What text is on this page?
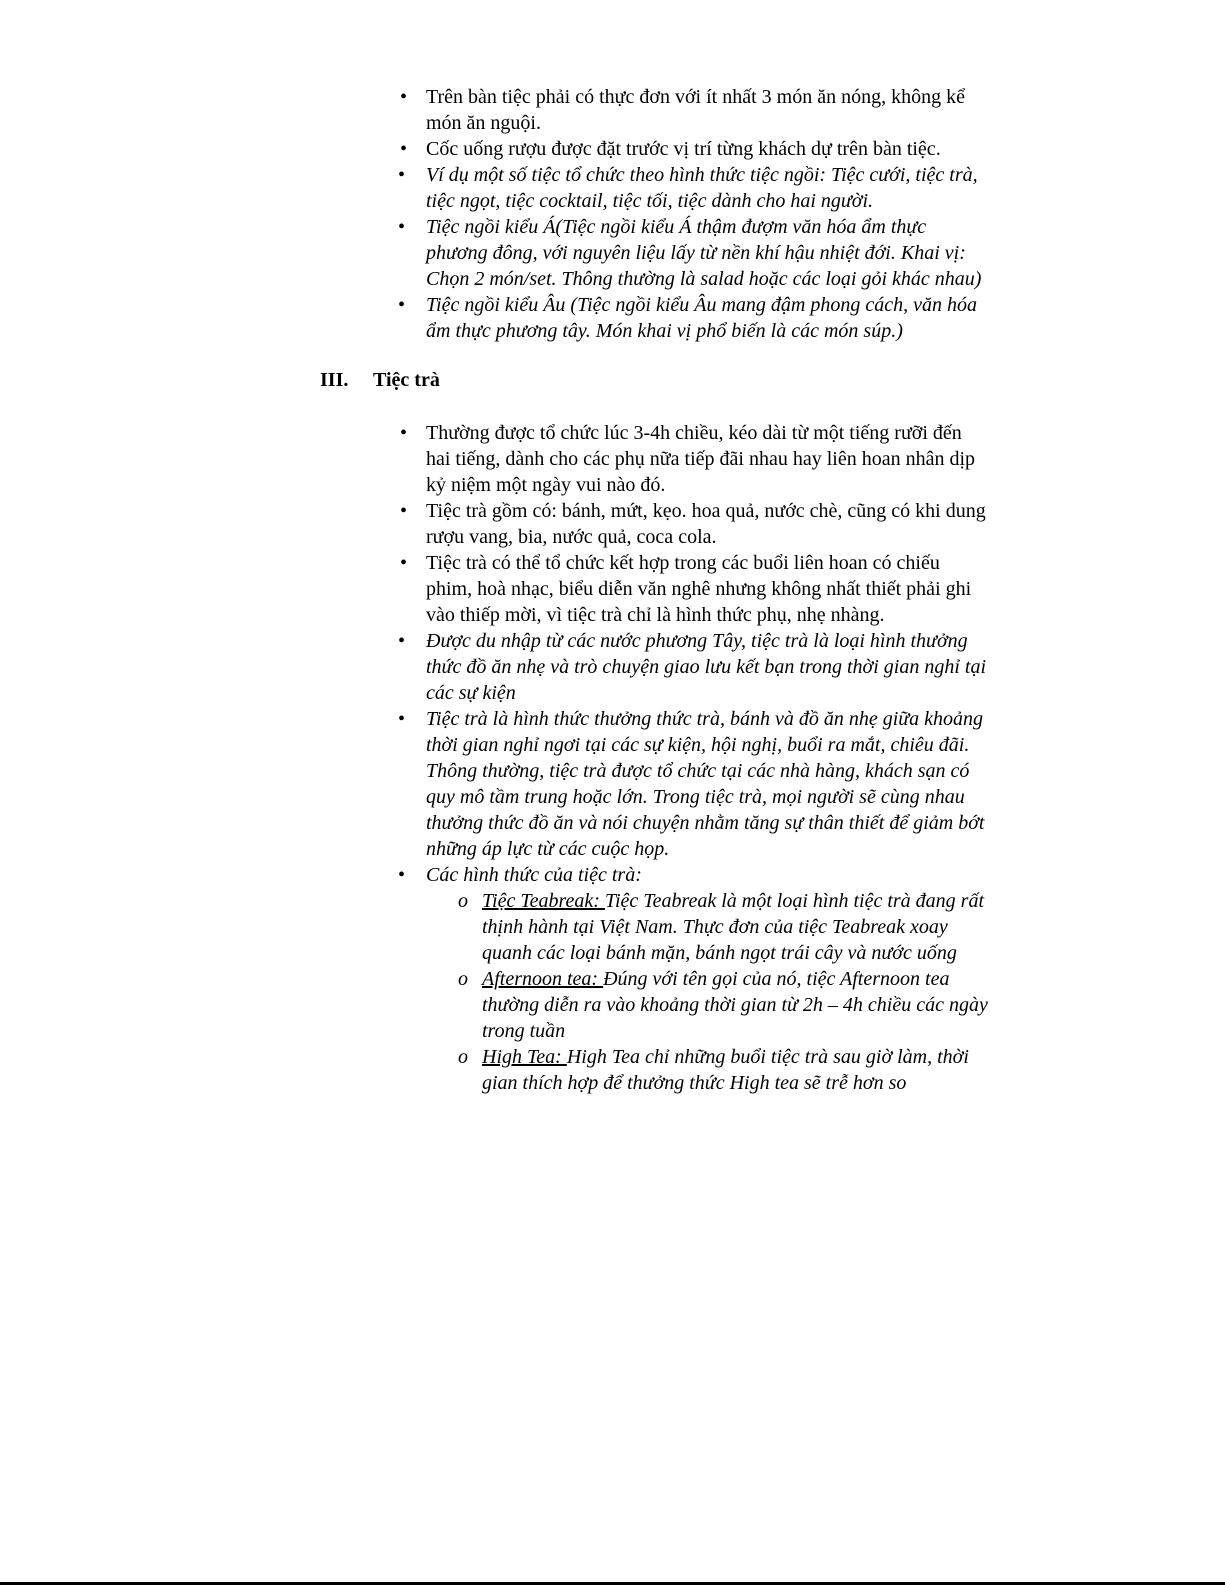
• Trên bàn tiệc phải có thực đơn với ít nhất 3 món ăn nóng, không kể món ăn nguội.
• Cốc uống rượu được đặt trước vị trí từng khách dự trên bàn tiệc.
• Ví dụ một số tiệc tổ chức theo hình thức tiệc ngồi: Tiệc cưới, tiệc trà, tiệc ngọt, tiệc cocktail, tiệc tối, tiệc dành cho hai người.
• Tiệc ngồi kiểu Á(Tiệc ngồi kiểu Á thậm đượm văn hóa ẩm thực phương đông, với nguyên liệu lấy từ nền khí hậu nhiệt đới. Khai vị: Chọn 2 món/set. Thông thường là salad hoặc các loại gỏi khác nhau)
• Tiệc ngồi kiểu Âu (Tiệc ngồi kiểu Âu mang đậm phong cách, văn hóa ẩm thực phương tây. Món khai vị phổ biến là các món súp.)
III. Tiệc trà
• Thường được tổ chức lúc 3-4h chiều, kéo dài từ một tiếng rưỡi đến hai tiếng, dành cho các phụ nữa tiếp đãi nhau hay liên hoan nhân dịp kỷ niệm một ngày vui nào đó.
• Tiệc trà gồm có: bánh, mứt, kẹo. hoa quả, nước chè, cũng có khi dung rượu vang, bia, nước quả, coca cola.
• Tiệc trà có thể tổ chức kết hợp trong các buổi liên hoan có chiếu phim, hoà nhạc, biểu diễn văn nghê nhưng không nhất thiết phải ghi vào thiếp mời, vì tiệc trà chỉ là hình thức phụ, nhẹ nhàng.
• Được du nhập từ các nước phương Tây, tiệc trà là loại hình thưởng thức đồ ăn nhẹ và trò chuyện giao lưu kết bạn trong thời gian nghỉ tại các sự kiện
• Tiệc trà là hình thức thưởng thức trà, bánh và đồ ăn nhẹ giữa khoảng thời gian nghỉ ngơi tại các sự kiện, hội nghị, buổi ra mắt, chiêu đãi. Thông thường, tiệc trà được tổ chức tại các nhà hàng, khách sạn có quy mô tầm trung hoặc lớn. Trong tiệc trà, mọi người sẽ cùng nhau thưởng thức đồ ăn và nói chuyện nhằm tăng sự thân thiết để giảm bớt những áp lực từ các cuộc họp.
• Các hình thức của tiệc trà:
o Tiệc Teabreak: Tiệc Teabreak là một loại hình tiệc trà đang rất thịnh hành tại Việt Nam. Thực đơn của tiệc Teabreak xoay quanh các loại bánh mặn, bánh ngọt trái cây và nước uống
o Afternoon tea: Đúng với tên gọi của nó, tiệc Afternoon tea thường diễn ra vào khoảng thời gian từ 2h – 4h chiều các ngày trong tuần
o High Tea: High Tea chỉ những buổi tiệc trà sau giờ làm, thời gian thích hợp để thưởng thức High tea sẽ trễ hơn so
